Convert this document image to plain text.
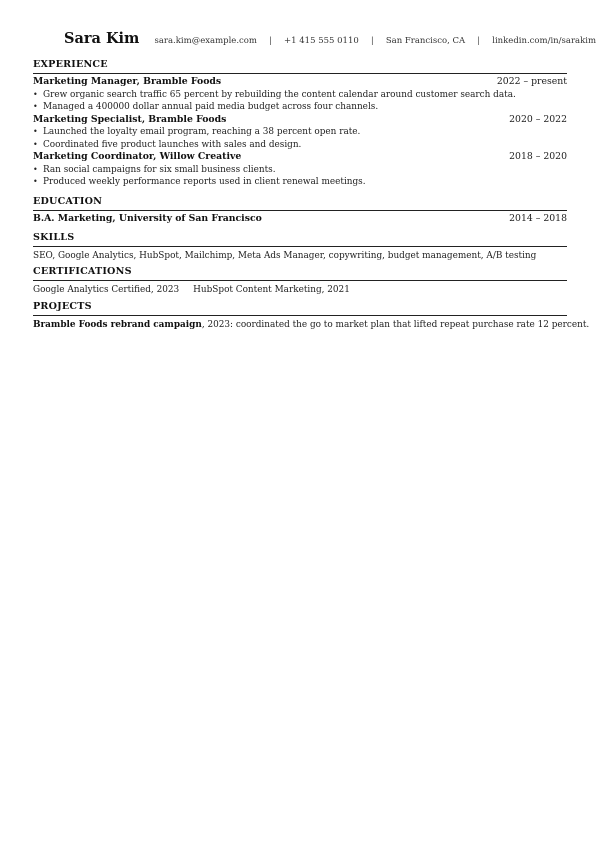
Sara Kim sara.kim@example.com | +1 415 555 0110 | San Francisco, CA | linkedin.com/in/sarakim
EXPERIENCE
Marketing Manager, Bramble Foods	2022 – present
• Grew organic search traffic 65 percent by rebuilding the content calendar around customer search data.
• Managed a 400000 dollar annual paid media budget across four channels.
Marketing Specialist, Bramble Foods	2020 – 2022
• Launched the loyalty email program, reaching a 38 percent open rate.
• Coordinated five product launches with sales and design.
Marketing Coordinator, Willow Creative	2018 – 2020
• Ran social campaigns for six small business clients.
• Produced weekly performance reports used in client renewal meetings.
EDUCATION
B.A. Marketing, University of San Francisco	2014 – 2018
SKILLS
SEO, Google Analytics, HubSpot, Mailchimp, Meta Ads Manager, copywriting, budget management, A/B testing
CERTIFICATIONS
Google Analytics Certified, 2023 HubSpot Content Marketing, 2021
PROJECTS
Bramble Foods rebrand campaign, 2023: coordinated the go to market plan that lifted repeat purchase rate 12 percent.
